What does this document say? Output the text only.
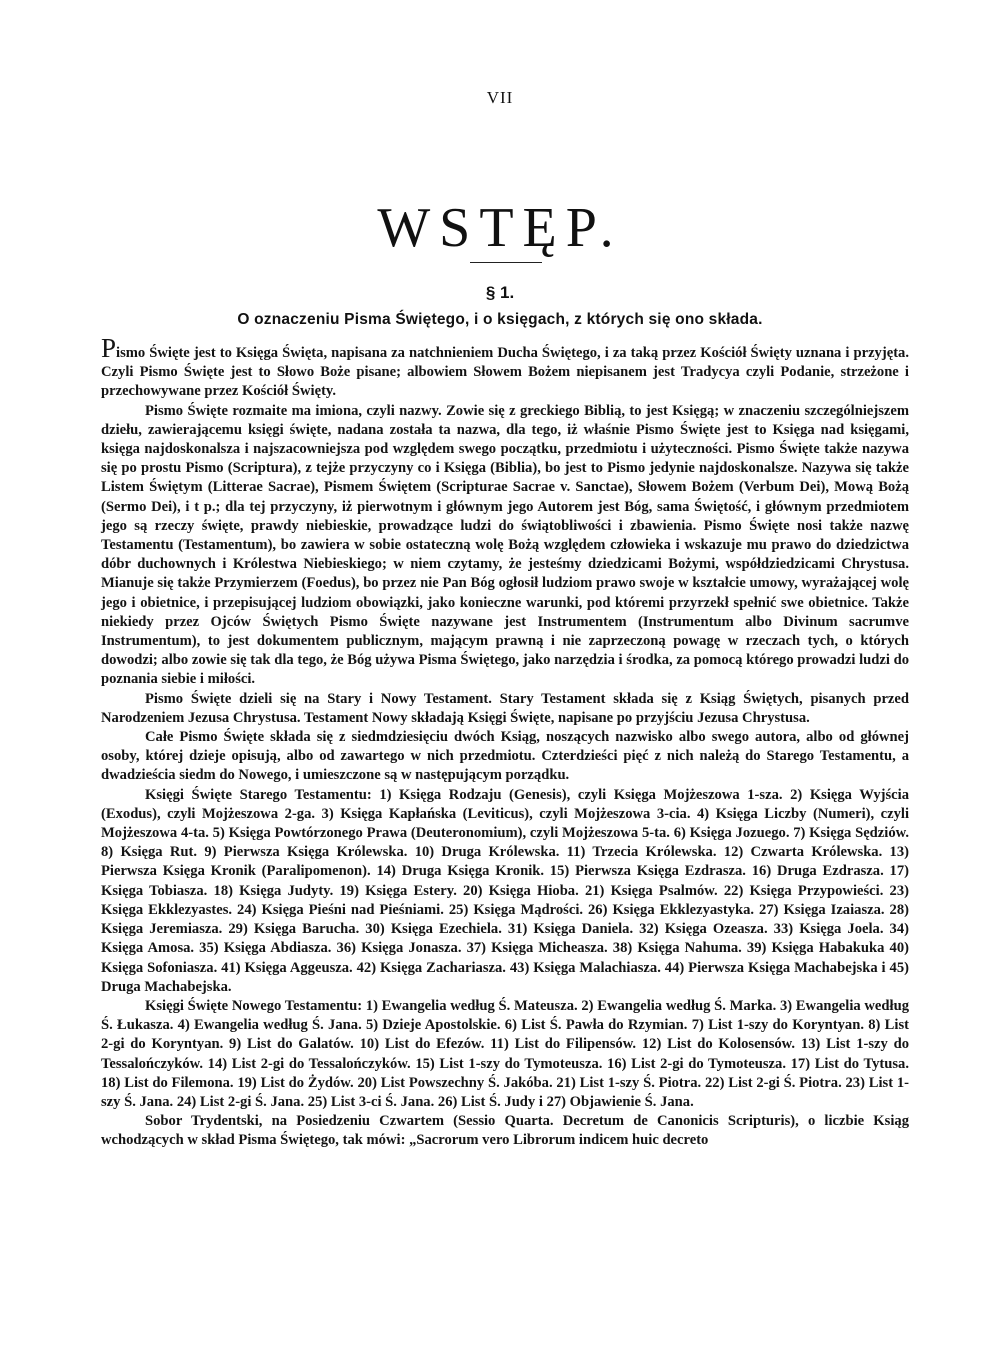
VII
WSTĘP.
§ 1.
O oznaczeniu Pisma Świętego, i o księgach, z których się ono składa.

Pismo Święte jest to Księga Święta, napisana za natchnieniem Ducha Świętego, i za taką przez Kościół Święty uznana i przyjęta. Czyli Pismo Święte jest to Słowo Boże pisane; albowiem Słowem Bożem niepisanem jest Tradycya czyli Podanie, strzeżone i przechowywane przez Kościół Święty.

Pismo Święte rozmaite ma imiona, czyli nazwy. Zowie się z greckiego Biblią, to jest Księgą; w znaczeniu szczególniejszem dziełu, zawierającemu księgi święte, nadana została ta nazwa, dla tego, iż właśnie Pismo Święte jest to Księga nad księgami, księga najdoskonalsza i najszacowniejsza pod względem swego początku, przedmiotu i użyteczności. Pismo Święte także nazywa się po prostu Pismo (Scriptura), z tejże przyczyny co i Księga (Biblia), bo jest to Pismo jedynie najdoskonalsze. Nazywa się także Listem Świętym (Litterae Sacrae), Pismem Świętem (Scripturae Sacrae v. Sanctae), Słowem Bożem (Verbum Dei), Mową Bożą (Sermo Dei), i t p.; dla tej przyczyny, iż pierwotnym i głównym jego Autorem jest Bóg, sama Świętość, i głównym przedmiotem jego są rzeczy święte, prawdy niebieskie, prowadzące ludzi do świątobliwości i zbawienia. Pismo Święte nosi także nazwę Testamentu (Testamentum), bo zawiera w sobie ostateczną wolę Bożą względem człowieka i wskazuje mu prawo do dziedzictwa dóbr duchownych i Królestwa Niebieskiego; w niem czytamy, że jesteśmy dziedzicami Bożymi, współdziedzicami Chrystusa. Mianuje się także Przymierzem (Foedus), bo przez nie Pan Bóg ogłosił ludziom prawo swoje w kształcie umowy, wyrażającej wolę jego i obietnice, i przepisującej ludziom obowiązki, jako konieczne warunki, pod któremi przyrzekł spełnić swe obietnice. Także niekiedy przez Ojców Świętych Pismo Święte nazywane jest Instrumentem (Instrumentum albo Divinum sacrumve Instrumentum), to jest dokumentem publicznym, mającym prawną i nie zaprzeczoną powagę w rzeczach tych, o których dowodzi; albo zowie się tak dla tego, że Bóg używa Pisma Świętego, jako narzędzia i środka, za pomocą którego prowadzi ludzi do poznania siebie i miłości.

Pismo Święte dzieli się na Stary i Nowy Testament. Stary Testament składa się z Ksiąg Świętych, pisanych przed Narodzeniem Jezusa Chrystusa. Testament Nowy składają Księgi Święte, napisane po przyjściu Jezusa Chrystusa.

Całe Pismo Święte składa się z siedmdziesięciu dwóch Ksiąg, noszących nazwisko albo swego autora, albo od głównej osoby, której dzieje opisują, albo od zawartego w nich przedmiotu. Czterdzieści pięć z nich należą do Starego Testamentu, a dwadzieścia siedm do Nowego, i umieszczone są w następującym porządku.

Księgi Święte Starego Testamentu: 1) Księga Rodzaju (Genesis), czyli Księga Mojżeszowa 1-sza. 2) Księga Wyjścia (Exodus), czyli Mojżeszowa 2-ga. 3) Księga Kapłańska (Leviticus), czyli Mojżeszowa 3-cia. 4) Księga Liczby (Numeri), czyli Mojżeszowa 4-ta. 5) Księga Powtórzonego Prawa (Deuteronomium), czyli Mojżeszowa 5-ta. 6) Księga Jozuego. 7) Księga Sędziów. 8) Księga Rut. 9) Pierwsza Księga Królewska. 10) Druga Królewska. 11) Trzecia Królewska. 12) Czwarta Królewska. 13) Pierwsza Księga Kronik (Paralipomenon). 14) Druga Księga Kronik. 15) Pierwsza Księga Ezdrasza. 16) Druga Ezdrasza. 17) Księga Tobiasza. 18) Księga Judyty. 19) Księga Estery. 20) Księga Hioba. 21) Księga Psalmów. 22) Księga Przypowieści. 23) Księga Ekklezyastes. 24) Księga Pieśni nad Pieśniami. 25) Księga Mądrości. 26) Księga Ekklezyastyka. 27) Księga Izaiasza. 28) Księga Jeremiasza. 29) Księga Barucha. 30) Księga Ezechiela. 31) Księga Daniela. 32) Księga Ozeasza. 33) Księga Joela. 34) Księga Amosa. 35) Księga Abdiasza. 36) Księga Jonasza. 37) Księga Micheasza. 38) Księga Nahuma. 39) Księga Habakuka 40) Księga Sofoniasza. 41) Księga Aggeusza. 42) Księga Zachariasza. 43) Księga Malachiasza. 44) Pierwsza Księga Machabejska i 45) Druga Machabejska.

Księgi Święte Nowego Testamentu: 1) Ewangelia według Ś. Mateusza. 2) Ewangelia według Ś. Marka. 3) Ewangelia według Ś. Łukasza. 4) Ewangelia według Ś. Jana. 5) Dzieje Apostolskie. 6) List Ś. Pawła do Rzymian. 7) List 1-szy do Koryntyan. 8) List 2-gi do Koryntyan. 9) List do Galatów. 10) List do Efezów. 11) List do Filipensów. 12) List do Kolosensów. 13) List 1-szy do Tessalończyków. 14) List 2-gi do Tessalończyków. 15) List 1-szy do Tymoteusza. 16) List 2-gi do Tymoteusza. 17) List do Tytusa. 18) List do Filemona. 19) List do Żydów. 20) List Powszechny Ś. Jakóba. 21) List 1-szy Ś. Piotra. 22) List 2-gi Ś. Piotra. 23) List 1-szy Ś. Jana. 24) List 2-gi Ś. Jana. 25) List 3-ci Ś. Jana. 26) List Ś. Judy i 27) Objawienie Ś. Jana.

Sobor Trydentski, na Posiedzeniu Czwartem (Sessio Quarta. Decretum de Canonicis Scripturis), o liczbie Ksiąg wchodzących w skład Pisma Świętego, tak mówi: „Sacrorum vero Librorum indicem huic decreto
